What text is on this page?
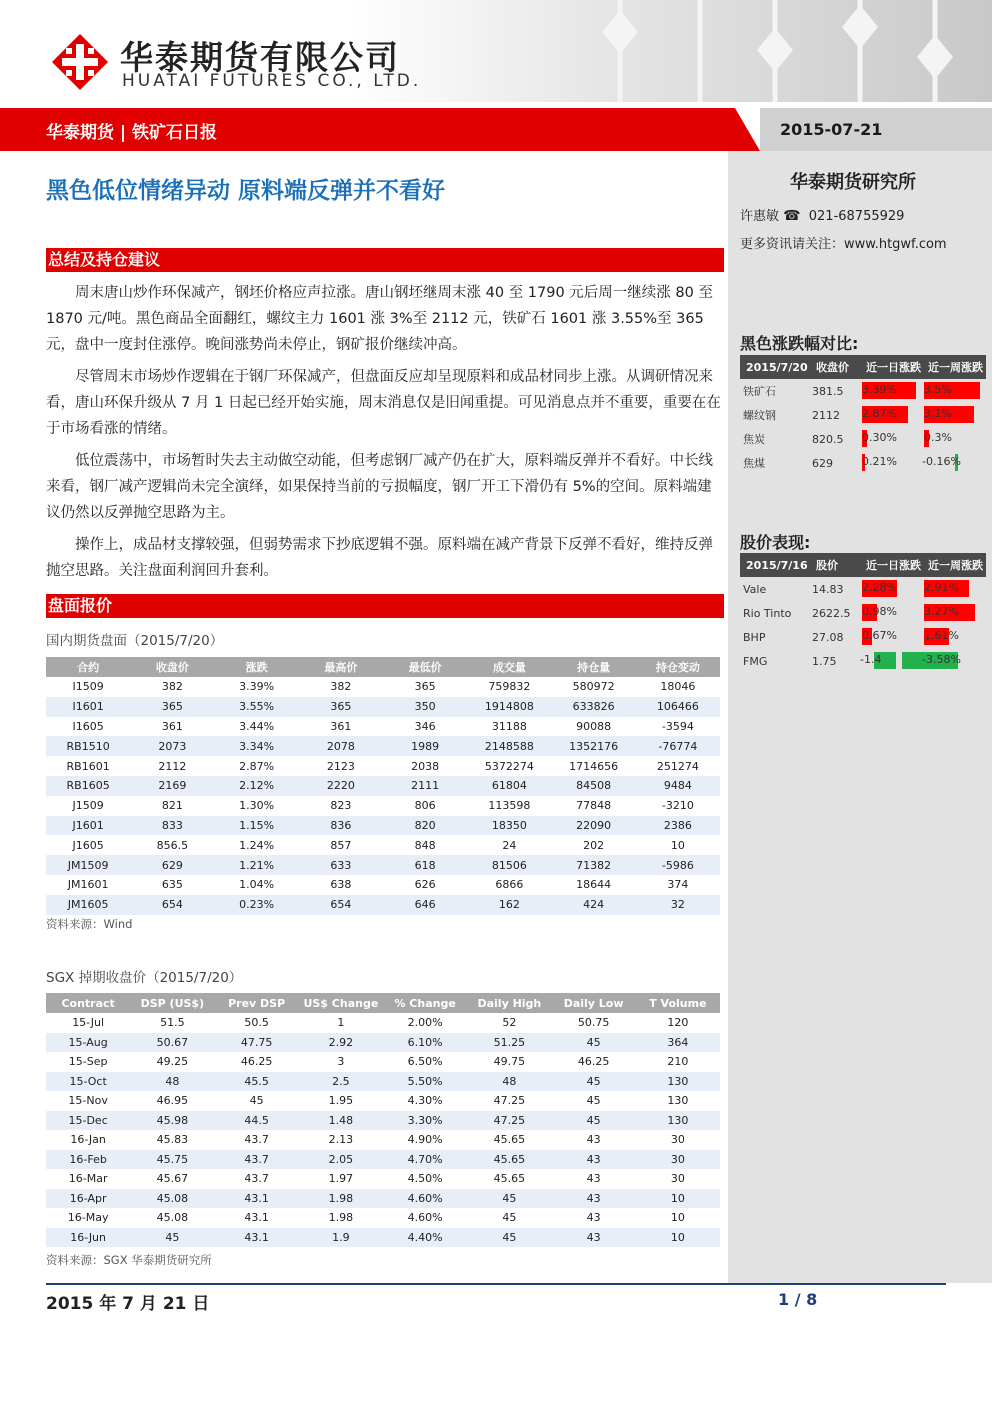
华泰期货有限公司
HUATAI FUTURES CO., LTD.
华泰期货 | 铁矿石日报	2015-07-21
华泰期货研究所
许惠敏 ☎ 021-68755929
更多资讯请关注：www.htgwf.com
黑色涨跌幅对比:
2015/7/20	收盘价	近一日涨跌	近一周涨跌
铁矿石	381.5	3.39%	3.5%

螺纹钢	2112	2.87%	3.1%

焦炭	820.5	0.30%	0.3%

焦煤	629	0.21%	-0.16%
股价表现:
2015/7/16	股价	近一日涨跌	近一周涨跌
Vale	14.83	2.28%	2.91%

Rio Tinto	2622.5	0.98%	3.27%

BHP	27.08	0.67%	1.61%

FMG	1.75	-1.4	-3.58%
黑色低位情绪异动 原料端反弹并不看好
总结及持仓建议

周末唐山炒作环保减产，钢坯价格应声拉涨。唐山钢坯继周末涨 40 至 1790 元后周一继续涨 80 至 1870 元/吨。黑色商品全面翻红，螺纹主力 1601 涨 3%至 2112 元，铁矿石 1601 涨 3.55%至 365 元，盘中一度封住涨停。晚间涨势尚未停止，钢矿报价继续冲高。

尽管周末市场炒作逻辑在于钢厂环保减产，但盘面反应却呈现原料和成品材同步上涨。从调研情况来看，唐山环保升级从 7 月 1 日起已经开始实施，周末消息仅是旧闻重提。可见消息点并不重要，重要在在于市场看涨的情绪。

低位震荡中，市场暂时失去主动做空动能，但考虑钢厂减产仍在扩大，原料端反弹并不看好。中长线来看，钢厂减产逻辑尚未完全演绎，如果保持当前的亏损幅度，钢厂开工下滑仍有 5%的空间。原料端建议仍然以反弹抛空思路为主。

操作上，成品材支撑较强，但弱势需求下抄底逻辑不强。原料端在减产背景下反弹不看好，维持反弹抛空思路。关注盘面利润回升套利。

盘面报价
国内期货盘面（2015/7/20）
合约	收盘价	涨跌	最高价	最低价	成交量	持仓量	持仓变动
I1509	382	3.39%	382	365	759832	580972	18046
I1601	365	3.55%	365	350	1914808	633826	106466
I1605	361	3.44%	361	346	31188	90088	-3594
RB1510	2073	3.34%	2078	1989	2148588	1352176	-76774
RB1601	2112	2.87%	2123	2038	5372274	1714656	251274
RB1605	2169	2.12%	2220	2111	61804	84508	9484
J1509	821	1.30%	823	806	113598	77848	-3210
J1601	833	1.15%	836	820	18350	22090	2386
J1605	856.5	1.24%	857	848	24	202	10
JM1509	629	1.21%	633	618	81506	71382	-5986
JM1601	635	1.04%	638	626	6866	18644	374
JM1605	654	0.23%	654	646	162	424	32
资料来源：Wind
SGX 掉期收盘价（2015/7/20）
Contract	DSP (US$)	Prev DSP	US$ Change	% Change	Daily High	Daily Low	T Volume
15-Jul	51.5	50.5	1	2.00%	52	50.75	120
15-Aug	50.67	47.75	2.92	6.10%	51.25	45	364
15-Sep	49.25	46.25	3	6.50%	49.75	46.25	210
15-Oct	48	45.5	2.5	5.50%	48	45	130
15-Nov	46.95	45	1.95	4.30%	47.25	45	130
15-Dec	45.98	44.5	1.48	3.30%	47.25	45	130
16-Jan	45.83	43.7	2.13	4.90%	45.65	43	30
16-Feb	45.75	43.7	2.05	4.70%	45.65	43	30
16-Mar	45.67	43.7	1.97	4.50%	45.65	43	30
16-Apr	45.08	43.1	1.98	4.60%	45	43	10
16-May	45.08	43.1	1.98	4.60%	45	43	10
16-Jun	45	43.1	1.9	4.40%	45	43	10
资料来源：SGX 华泰期货研究所
2015 年 7 月 21 日	1 / 8
